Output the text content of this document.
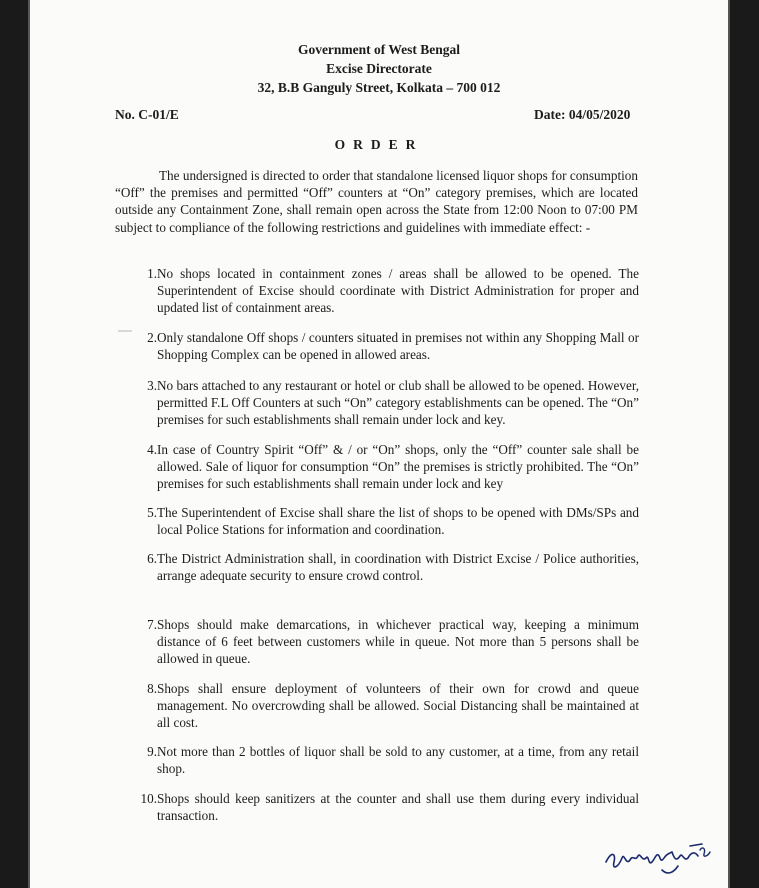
Government of West Bengal
Excise Directorate
32, B.B Ganguly Street, Kolkata – 700 012
No. C-01/E	Date: 04/05/2020
ORDER

The undersigned is directed to order that standalone licensed liquor shops for consumption “Off” the premises and permitted “Off” counters at “On” category premises, which are located outside any Containment Zone, shall remain open across the State from 12:00 Noon to 07:00 PM subject to compliance of the following restrictions and guidelines with immediate effect: -

1. No shops located in containment zones / areas shall be allowed to be opened. The Superintendent of Excise should coordinate with District Administration for proper and updated list of containment areas.
2. Only standalone Off shops / counters situated in premises not within any Shopping Mall or Shopping Complex can be opened in allowed areas.
3. No bars attached to any restaurant or hotel or club shall be allowed to be opened. However, permitted F.L Off Counters at such “On” category establishments can be opened. The “On” premises for such establishments shall remain under lock and key.
4. In case of Country Spirit “Off” & / or “On” shops, only the “Off” counter sale shall be allowed. Sale of liquor for consumption “On” the premises is strictly prohibited. The “On” premises for such establishments shall remain under lock and key
5. The Superintendent of Excise shall share the list of shops to be opened with DMs/SPs and local Police Stations for information and coordination.
6. The District Administration shall, in coordination with District Excise / Police authorities, arrange adequate security to ensure crowd control.
7. Shops should make demarcations, in whichever practical way, keeping a minimum distance of 6 feet between customers while in queue. Not more than 5 persons shall be allowed in queue.
8. Shops shall ensure deployment of volunteers of their own for crowd and queue management. No overcrowding shall be allowed. Social Distancing shall be maintained at all cost.
9. Not more than 2 bottles of liquor shall be sold to any customer, at a time, from any retail shop.
10. Shops should keep sanitizers at the counter and shall use them during every individual transaction.
